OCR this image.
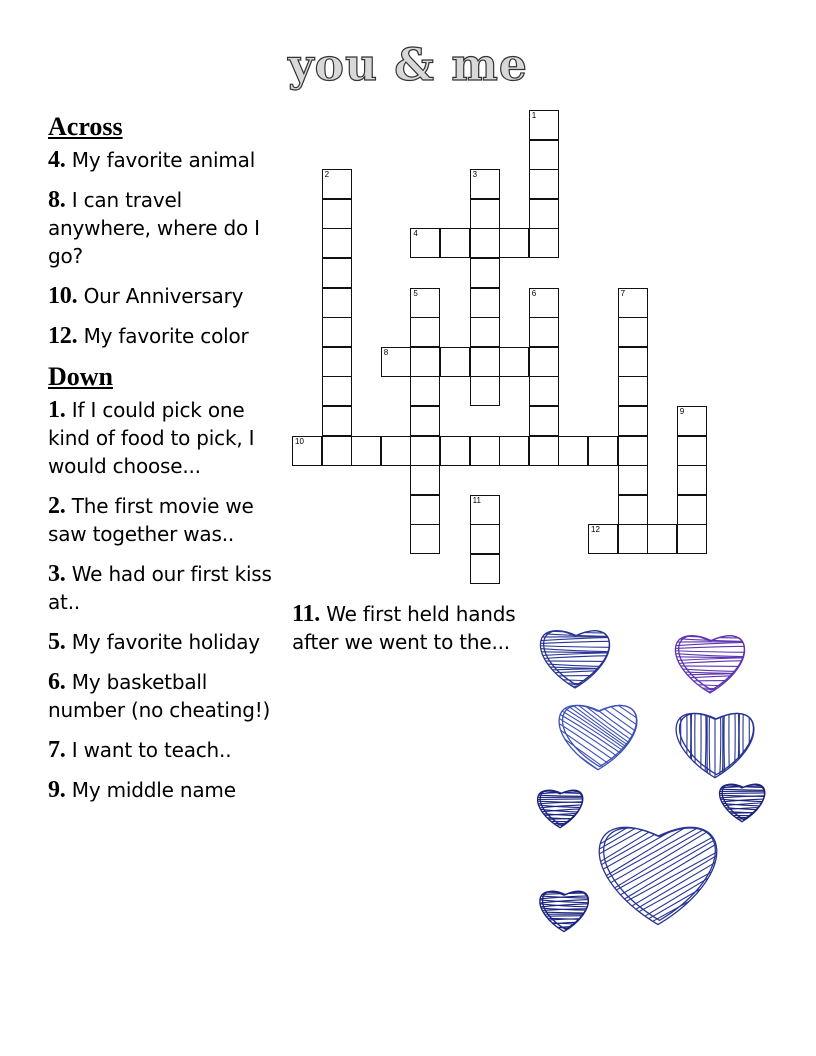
you & me
Across

4. My favorite animal

8. I can travel anywhere, where do I go?

10. Our Anniversary

12. My favorite color

Down

1. If I could pick one kind of food to pick, I would choose...

2. The first movie we saw together was..

3. We had our first kiss at..

5. My favorite holiday

6. My basketball number (no cheating!)

7. I want to teach..

9. My middle name

11. We first held hands after we went to the...

1
2	3
4
5	6	7
8
9
10
11
12
